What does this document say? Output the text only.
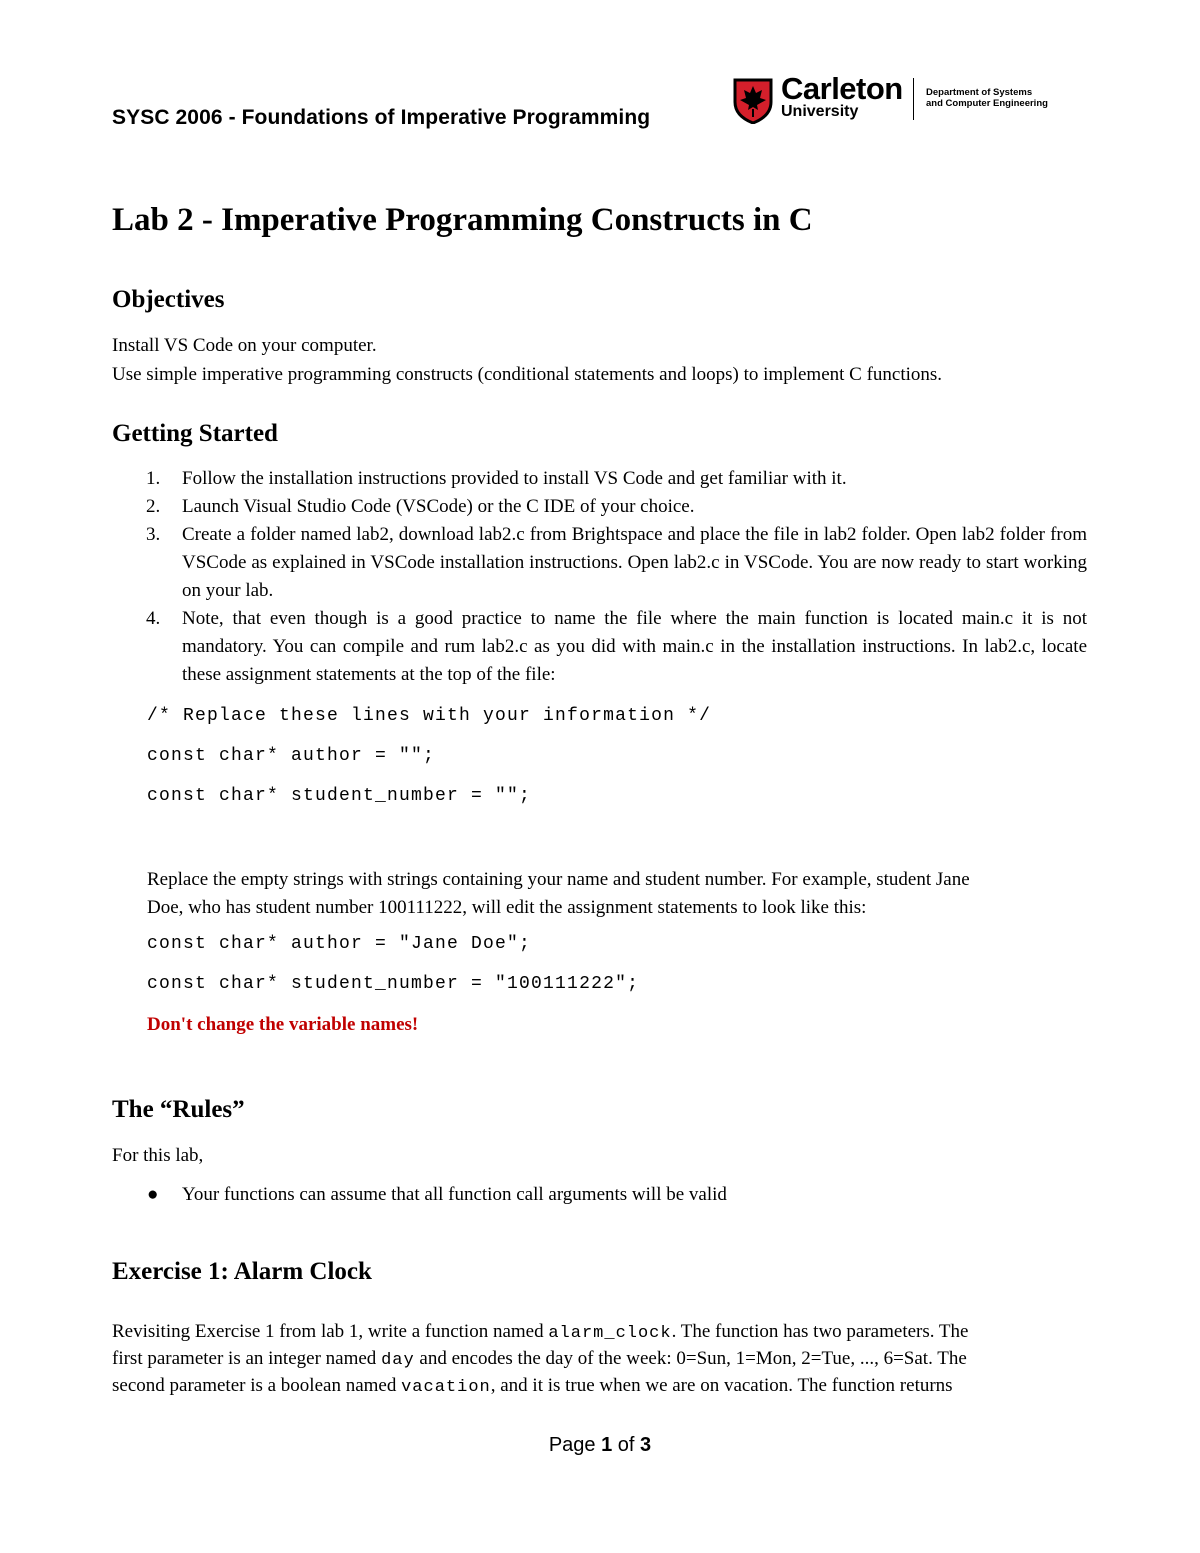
SYSC 2006 - Foundations of Imperative Programming
Carleton
University
Department of Systems
and Computer Engineering
Lab 2 - Imperative Programming Constructs in C
Objectives

Install VS Code on your computer.

Use simple imperative programming constructs (conditional statements and loops) to implement C functions.

Getting Started
1. Follow the installation instructions provided to install VS Code and get familiar with it.
2. Launch Visual Studio Code (VSCode) or the C IDE of your choice.
3. Create a folder named lab2, download lab2.c from Brightspace and place the file in lab2 folder. Open lab2 folder from VSCode as explained in VSCode installation instructions. Open lab2.c in VSCode. You are now ready to start working on your lab.
4. Note, that even though is a good practice to name the file where the main function is located main.c it is not mandatory. You can compile and rum lab2.c as you did with main.c in the installation instructions. In lab2.c, locate these assignment statements at the top of the file:
/* Replace these lines with your information */
const char* author = "";
const char* student_number = "";

Replace the empty strings with strings containing your name and student number. For example, student Jane

Doe, who has student number 100111222, will edit the assignment statements to look like this:

const char* author = "Jane Doe";
const char* student_number = "100111222";
Don't change the variable names!
The “Rules”

For this lab,

● Your functions can assume that all function call arguments will be valid
Exercise 1: Alarm Clock

Revisiting Exercise 1 from lab 1, write a function named alarm_clock. The function has two parameters. The

first parameter is an integer named day and encodes the day of the week: 0=Sun, 1=Mon, 2=Tue, ..., 6=Sat. The

second parameter is a boolean named vacation, and it is true when we are on vacation. The function returns

Page 1 of 3
